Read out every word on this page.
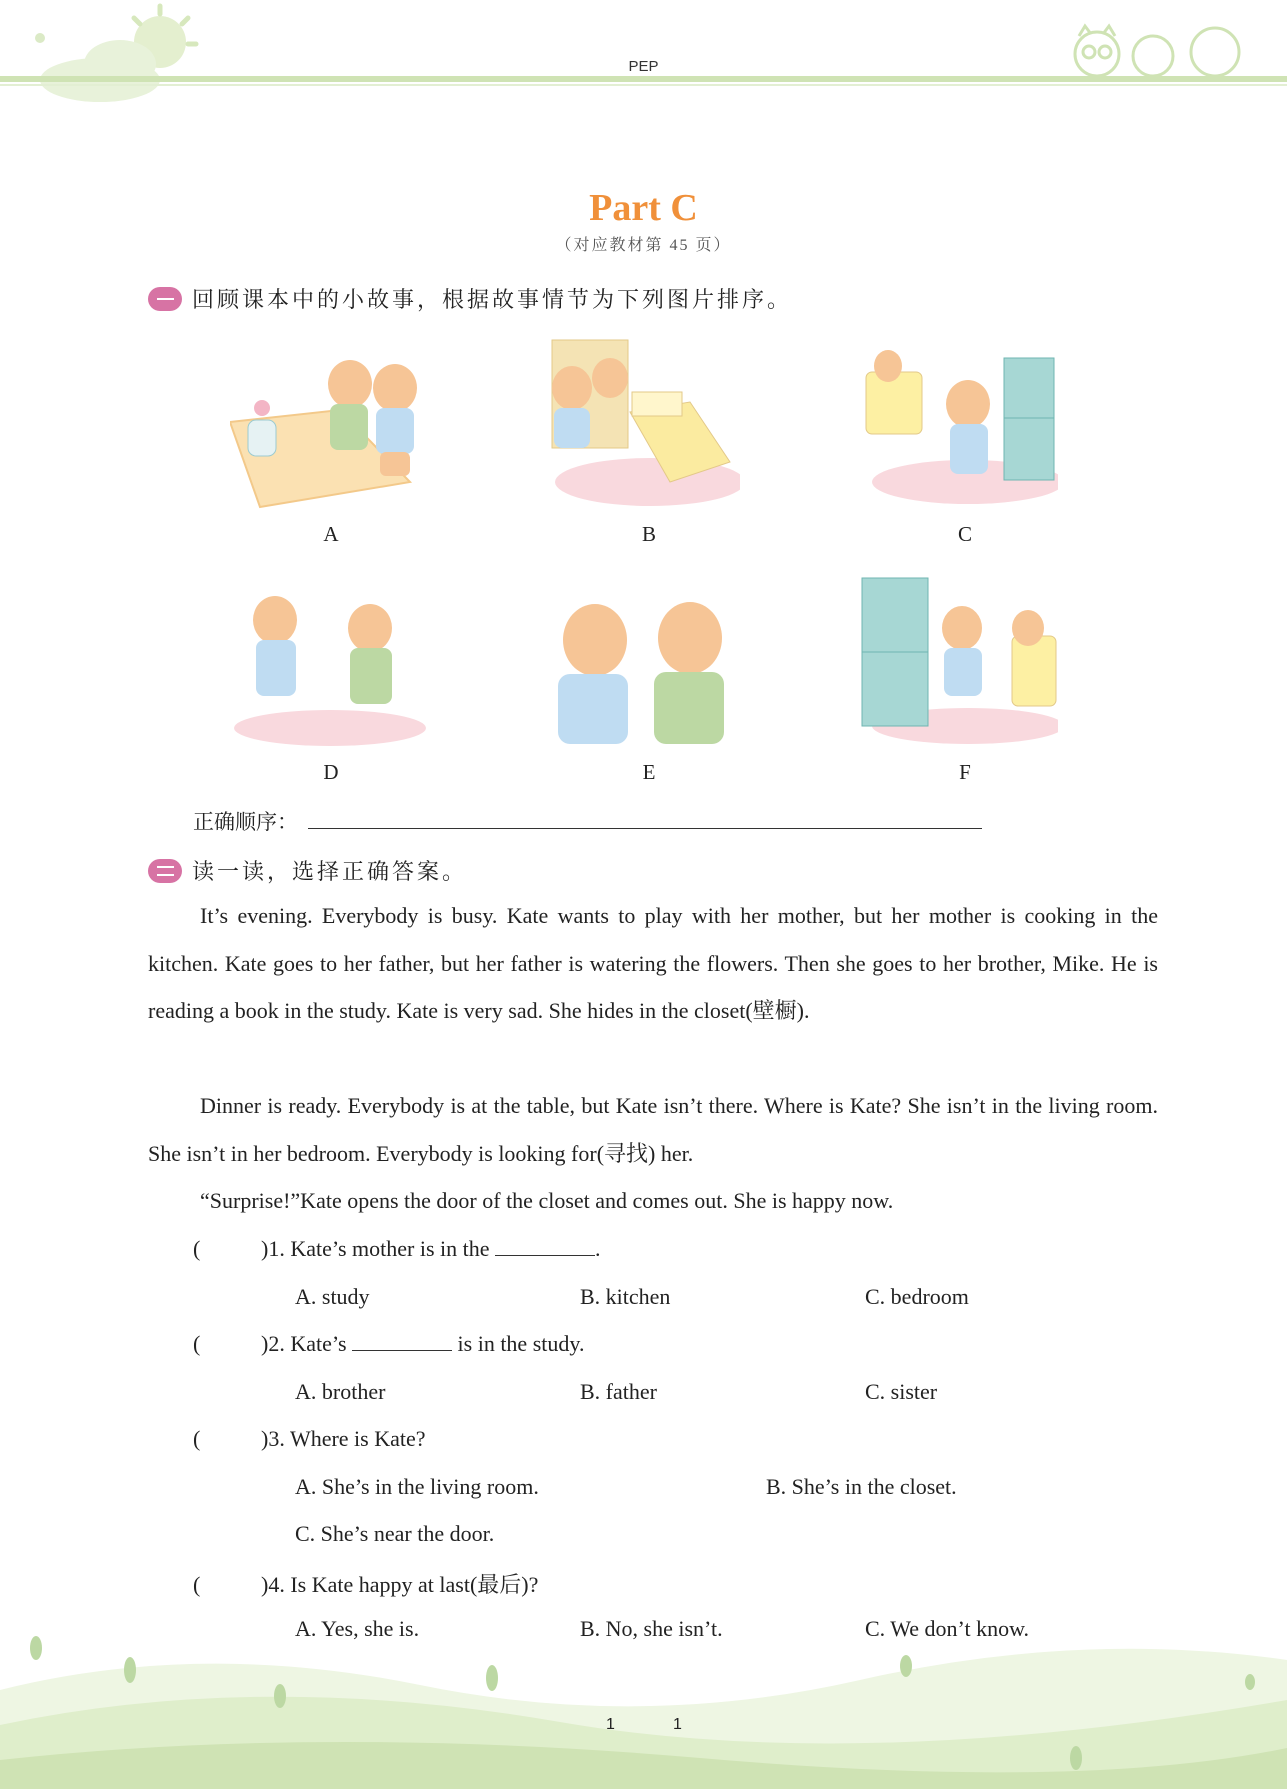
PEP
Part C
（对应教材第 45 页）
回顾课本中的小故事，根据故事情节为下列图片排序。
A	B	C
D	E	F
正确顺序：
读一读，选择正确答案。
It’s evening. Everybody is busy. Kate wants to play with her mother, but her mother is cooking in the kitchen. Kate goes to her father, but her father is watering the flowers. Then she goes to her brother, Mike. He is reading a book in the study. Kate is very sad. She hides in the closet(壁橱).
Dinner is ready. Everybody is at the table, but Kate isn’t there. Where is Kate? She isn’t in the living room. She isn’t in her bedroom. Everybody is looking for(寻找) her.
“Surprise!”Kate opens the door of the closet and comes out. She is happy now.
(	)1. Kate’s mother is in the	.
A. study	B. kitchen	C. bedroom
(	)2. Kate’s	is in the study.
A. brother	B. father	C. sister
(	)3. Where is Kate?
A. She’s in the living room.	B. She’s in the closet.
C. She’s near the door.
(	)4. Is Kate happy at last(最后)?
A. Yes, she is.	B. No, she isn’t.	C. We don’t know.
1	1
